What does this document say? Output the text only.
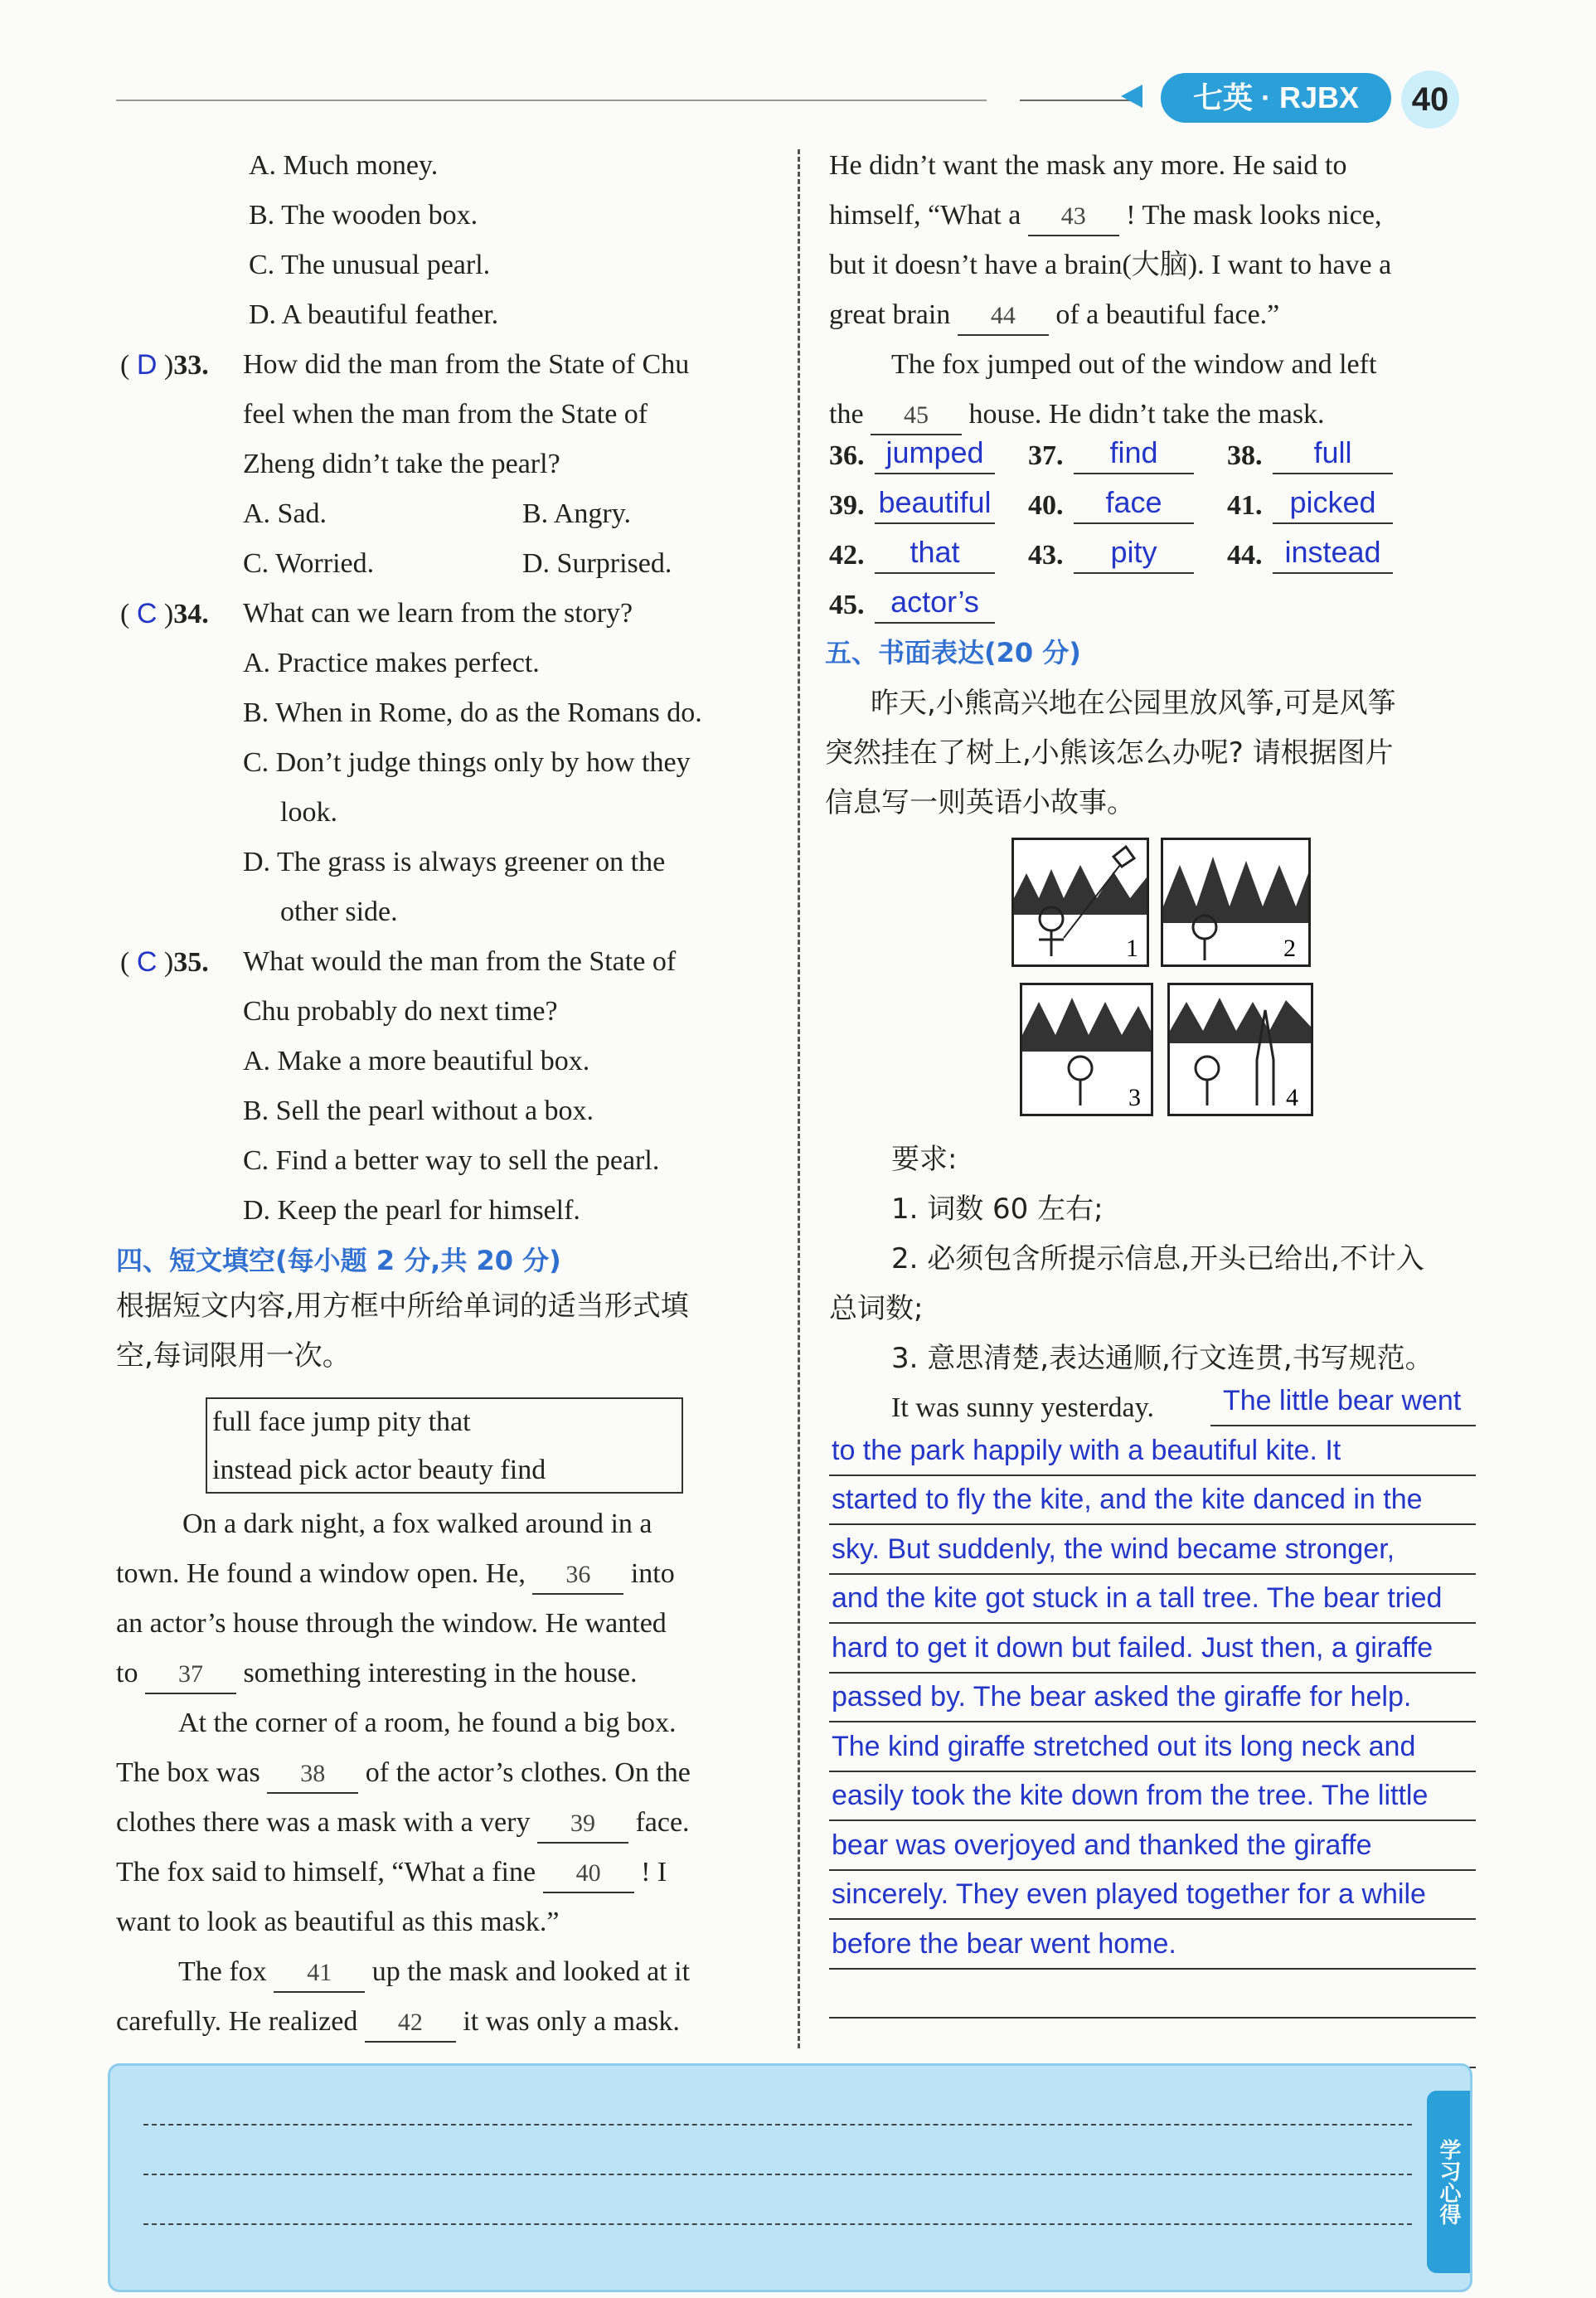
七英 · RJBX	40
A. Much money.
B. The wooden box.
C. The unusual pearl.
D. A beautiful feather.
( D )33. How did the man from the State of Chu
feel when the man from the State of
Zheng didn’t take the pearl?
A. Sad.	B. Angry.
C. Worried.	D. Surprised.
( C )34. What can we learn from the story?
A. Practice makes perfect.
B. When in Rome, do as the Romans do.
C. Don’t judge things only by how they
look.
D. The grass is always greener on the
other side.
( C )35. What would the man from the State of
Chu probably do next time?
A. Make a more beautiful box.
B. Sell the pearl without a box.
C. Find a better way to sell the pearl.
D. Keep the pearl for himself.
四、短文填空(每小题 2 分,共 20 分)
根据短文内容,用方框中所给单词的适当形式填
空,每词限用一次。
full face jump pity that
instead pick actor beauty find
On a dark night, a fox walked around in a
town. He found a window open. He, 36 into
an actor’s house through the window. He wanted
to 37 something interesting in the house.
At the corner of a room, he found a big box.
The box was 38 of the actor’s clothes. On the
clothes there was a mask with a very 39 face.
The fox said to himself, “What a fine 40 ! I
want to look as beautiful as this mask.”
The fox 41 up the mask and looked at it
carefully. He realized 42 it was only a mask.
He didn’t want the mask any more. He said to
himself, “What a 43 ! The mask looks nice,
but it doesn’t have a brain(大脑). I want to have a
great brain 44 of a beautiful face.”
The fox jumped out of the window and left
the 45 house. He didn’t take the mask.
36. jumped	37.	find	38.	full
39. beautiful 40.	face	41. picked
42.	that	43.	pity	44. instead
45. actor’s
五、书面表达(20 分)
昨天,小熊高兴地在公园里放风筝,可是风筝
突然挂在了树上,小熊该怎么办呢? 请根据图片
信息写一则英语小故事。
1	2
3	4
要求:
1. 词数 60 左右;
2. 必须包含所提示信息,开头已给出,不计入
总词数;
3. 意思清楚,表达通顺,行文连贯,书写规范。
It was sunny yesterday. The little bear went
to the park happily with a beautiful kite. It
started to fly the kite, and the kite danced in the
sky. But suddenly, the wind became stronger,
and the kite got stuck in a tall tree. The bear tried
hard to get it down but failed. Just then, a giraffe
passed by. The bear asked the giraffe for help.
The kind giraffe stretched out its long neck and
easily took the kite down from the tree. The little
bear was overjoyed and thanked the giraffe
sincerely. They even played together for a while
before the bear went home.
学习心得
